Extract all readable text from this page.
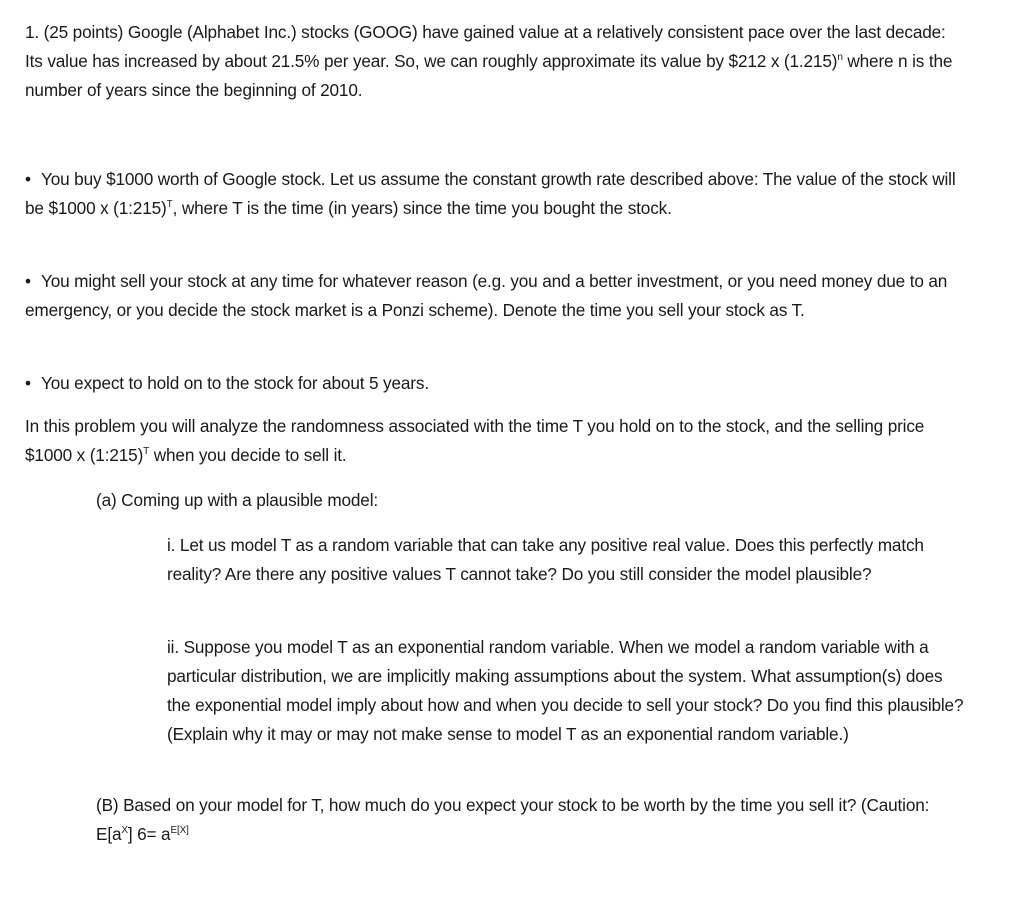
1. (25 points) Google (Alphabet Inc.) stocks (GOOG) have gained value at a relatively consistent pace over the last decade: Its value has increased by about 21.5% per year. So, we can roughly approximate its value by $212 x $(1.215)^n$ where n is the number of years since the beginning of 2010.

• You buy $1000 worth of Google stock. Let us assume the constant growth rate described above: The value of the stock will be $1000 x (1:215)$^T$, where T is the time (in years) since the time you bought the stock.

• You might sell your stock at any time for whatever reason (e.g. you and a better investment, or you need money due to an emergency, or you decide the stock market is a Ponzi scheme). Denote the time you sell your stock as T.

• You expect to hold on to the stock for about 5 years.

In this problem you will analyze the randomness associated with the time T you hold on to the stock, and the selling price $1000 x (1:215)$^T$ when you decide to sell it.

(a) Coming up with a plausible model:

i. Let us model T as a random variable that can take any positive real value. Does this perfectly match reality? Are there any positive values T cannot take? Do you still consider the model plausible?

ii. Suppose you model T as an exponential random variable. When we model a random variable with a particular distribution, we are implicitly making assumptions about the system. What assumption(s) does the exponential model imply about how and when you decide to sell your stock? Do you find this plausible? (Explain why it may or may not make sense to model T as an exponential random variable.)

(B) Based on your model for T, how much do you expect your stock to be worth by the time you sell it? (Caution: $E[a^X]$ $6= a^{E[X]}$
